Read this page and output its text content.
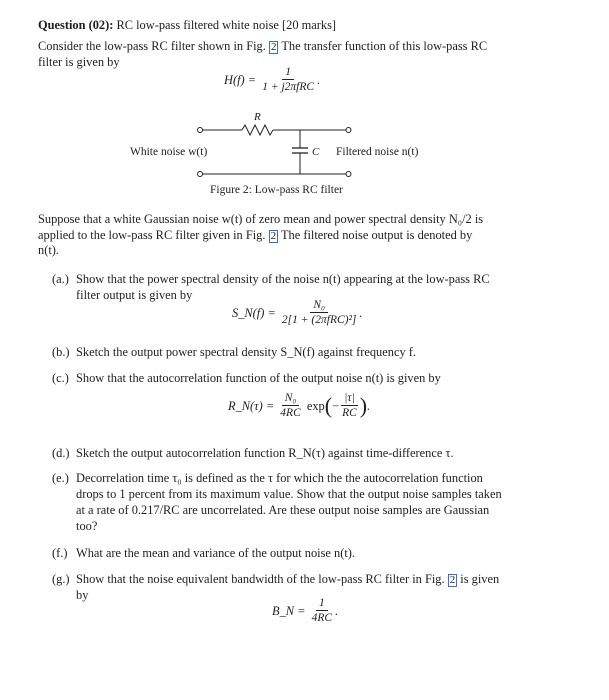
Question (02): RC low-pass filtered white noise [20 marks]
Consider the low-pass RC filter shown in Fig. 2 The transfer function of this low-pass RC
filter is given by
H(f) =
$\frac{1}{\text{1 + j2πfRC}}$ .
R
C
White noise w(t)	Filtered noise n(t)
Figure 2: Low-pass RC filter
Suppose that a white Gaussian noise w(t) of zero mean and power spectral density N₀/2 is
applied to the low-pass RC filter given in Fig. 2 The filtered noise output is denoted by
n(t).
(a.) Show that the power spectral density of the noise n(t) appearing at the low-pass RC
filter output is given by
S_N(f) =
$\frac{\text{N₀}}{\text{2[1 + (2πfRC)²]}}$ .
(b.) Sketch the output power spectral density S_N(f) against frequency f.
(c.) Show that the autocorrelation function of the output noise n(t) is given by
R_N(τ) =
$\frac{\text{N₀}}{4RC}$
exp ( − $\frac{|\tau|}{RC}$ ) .
(d.) Sketch the output autocorrelation function R_N(τ) against time-difference τ.
(e.) Decorrelation time τ₀ is defined as the τ for which the the autocorrelation function
drops to 1 percent from its maximum value. Show that the output noise samples taken
at a rate of 0.217/RC are uncorrelated. Are these output noise samples are Gaussian
too?
(f.) What are the mean and variance of the output noise n(t).
(g.) Show that the noise equivalent bandwidth of the low-pass RC filter in Fig. 2 is given
by
B_N =
$\frac{1}{4RC}$ .
